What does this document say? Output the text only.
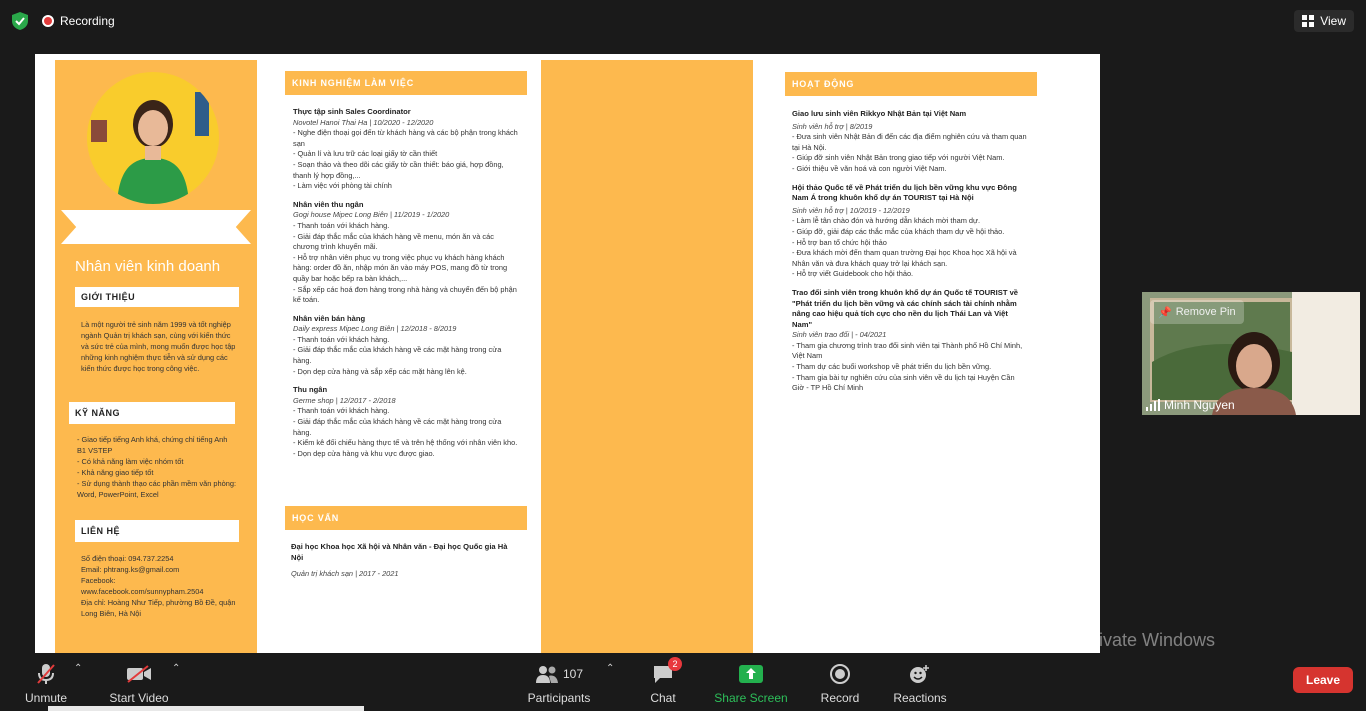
Recording	View
Nhân viên kinh doanh
GIỚI THIỆU
Là một người trẻ sinh năm 1999 và tốt nghiệp ngành Quản trị khách sạn, cùng với kiến thức và sức trẻ của mình, mong muốn được học tập những kinh nghiệm thực tiễn và sử dụng các kiến thức được học trong công việc.
KỸ NĂNG
- Giao tiếp tiếng Anh khá, chứng chỉ tiếng Anh B1 VSTEP
- Có khả năng làm việc nhóm tốt
- Khả năng giao tiếp tốt
- Sử dụng thành thạo các phần mềm văn phòng: Word, PowerPoint, Excel
LIÊN HỆ
Số điện thoại: 094.737.2254
Email: phtrang.ks@gmail.com
Facebook:
www.facebook.com/sunnypham.2504
Địa chỉ: Hoàng Như Tiếp, phường Bồ Đề, quận Long Biên, Hà Nội
KINH NGHIỆM LÀM VIỆC
Thực tập sinh Sales Coordinator
Novotel Hanoi Thai Ha | 10/2020 - 12/2020
- Nghe điện thoại gọi đến từ khách hàng và các bộ phận trong khách sạn
- Quản lí và lưu trữ các loại giấy tờ cần thiết
- Soạn thảo và theo dõi các giấy tờ cần thiết: báo giá, hợp đồng, thanh lý hợp đồng,...
- Làm việc với phòng tài chính
Nhân viên thu ngân
Gogi house Mipec Long Biên | 11/2019 - 1/2020
- Thanh toán với khách hàng.
- Giải đáp thắc mắc của khách hàng về menu, món ăn và các chương trình khuyến mãi.
- Hỗ trợ nhân viên phục vụ trong việc phục vụ khách hàng khách hàng: order đồ ăn, nhập món ăn vào máy POS, mang đồ từ trong quầy bar hoặc bếp ra bàn khách,...
- Sắp xếp các hoá đơn hàng trong nhà hàng và chuyển đến bộ phận kế toán.
Nhân viên bán hàng
Daily express Mipec Long Biên | 12/2018 - 8/2019
- Thanh toán với khách hàng.
- Giải đáp thắc mắc của khách hàng về các mặt hàng trong cửa hàng.
- Dọn dẹp cửa hàng và sắp xếp các mặt hàng lên kệ.
Thu ngân
Germe shop | 12/2017 - 2/2018
- Thanh toán với khách hàng.
- Giải đáp thắc mắc của khách hàng về các mặt hàng trong cửa hàng.
- Kiểm kê đối chiếu hàng thực tế và trên hệ thống với nhân viên kho.
- Dọn dẹp cửa hàng và khu vực được giao.
HỌC VẤN
Đại học Khoa học Xã hội và Nhân văn - Đại học Quốc gia Hà Nội
Quản trị khách sạn | 2017 - 2021
HOẠT ĐỘNG
Giao lưu sinh viên Rikkyo Nhật Bản tại Việt Nam
Sinh viên hỗ trợ | 8/2019
- Đưa sinh viên Nhật Bản đi đến các địa điểm nghiên cứu và tham quan tại Hà Nội.
- Giúp đỡ sinh viên Nhật Bản trong giao tiếp với người Việt Nam.
- Giới thiệu về văn hoá và con người Việt Nam.
Hội thảo Quốc tế về Phát triển du lịch bền vững khu vực Đông Nam Á trong khuôn khổ dự án TOURIST tại Hà Nội
Sinh viên hỗ trợ | 10/2019 - 12/2019
- Làm lễ tân chào đón và hướng dẫn khách mời tham dự.
- Giúp đỡ, giải đáp các thắc mắc của khách tham dự về hội thảo.
- Hỗ trợ ban tổ chức hội thảo
- Đưa khách mời đến tham quan trường Đại học Khoa học Xã hội và Nhân văn và đưa khách quay trở lại khách sạn.
- Hỗ trợ viết Guidebook cho hội thảo.
Trao đổi sinh viên trong khuôn khổ dự án Quốc tế TOURIST về "Phát triển du lịch bền vững và các chính sách tài chính nhằm nâng cao hiệu quả tích cực cho nền du lịch Thái Lan và Việt Nam"
Sinh viên trao đổi | - 04/2021
- Tham gia chương trình trao đổi sinh viên tại Thành phố Hồ Chí Minh, Việt Nam
- Tham dự các buổi workshop về phát triển du lịch bền vững.
- Tham gia bài tự nghiên cứu của sinh viên về du lịch tại Huyện Cần Giờ - TP Hồ Chí Minh
📌 Remove Pin
Minh Nguyen
Activate Windows
Unmute
⌃
Start Video
⌃	107
Participants
⌃	2
Chat	Share Screen	Record	Reactions
Leave
